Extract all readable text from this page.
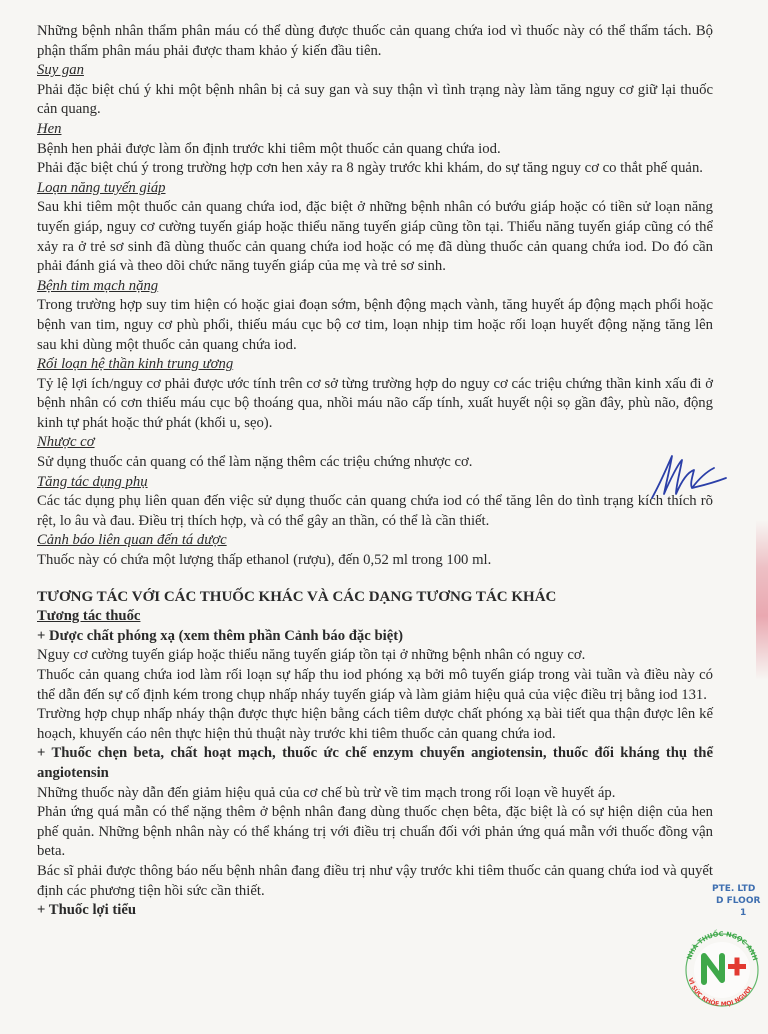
Những bệnh nhân thẩm phân máu có thể dùng được thuốc cản quang chứa iod vì thuốc này có thể thẩm tách. Bộ phận thẩm phân máu phải được tham khảo ý kiến đầu tiên.

Suy gan

Phải đặc biệt chú ý khi một bệnh nhân bị cả suy gan và suy thận vì tình trạng này làm tăng nguy cơ giữ lại thuốc cản quang.

Hen

Bệnh hen phải được làm ổn định trước khi tiêm một thuốc cản quang chứa iod.

Phải đặc biệt chú ý trong trường hợp cơn hen xảy ra 8 ngày trước khi khám, do sự tăng nguy cơ co thắt phế quản.

Loạn năng tuyến giáp

Sau khi tiêm một thuốc cản quang chứa iod, đặc biệt ở những bệnh nhân có bướu giáp hoặc có tiền sử loạn năng tuyến giáp, nguy cơ cường tuyến giáp hoặc thiểu năng tuyến giáp cũng tồn tại. Thiểu năng tuyến giáp cũng có thể xảy ra ở trẻ sơ sinh đã dùng thuốc cản quang chứa iod hoặc có mẹ đã dùng thuốc cản quang chứa iod. Do đó cần phải đánh giá và theo dõi chức năng tuyến giáp của mẹ và trẻ sơ sinh.

Bệnh tim mạch nặng

Trong trường hợp suy tim hiện có hoặc giai đoạn sớm, bệnh động mạch vành, tăng huyết áp động mạch phổi hoặc bệnh van tim, nguy cơ phù phổi, thiếu máu cục bộ cơ tim, loạn nhịp tim hoặc rối loạn huyết động nặng tăng lên sau khi dùng một thuốc cản quang chứa iod.

Rối loạn hệ thần kinh trung ương

Tỷ lệ lợi ích/nguy cơ phải được ước tính trên cơ sở từng trường hợp do nguy cơ các triệu chứng thần kinh xấu đi ở bệnh nhân có cơn thiếu máu cục bộ thoáng qua, nhồi máu não cấp tính, xuất huyết nội sọ gần đây, phù não, động kinh tự phát hoặc thứ phát (khối u, sẹo).

Nhược cơ

Sử dụng thuốc cản quang có thể làm nặng thêm các triệu chứng nhược cơ.

Tăng tác dụng phụ

Các tác dụng phụ liên quan đến việc sử dụng thuốc cản quang chứa iod có thể tăng lên do tình trạng kích thích rõ rệt, lo âu và đau. Điều trị thích hợp, và có thể gây an thần, có thể là cần thiết.

Cảnh báo liên quan đến tá dược

Thuốc này có chứa một lượng thấp ethanol (rượu), đến 0,52 ml trong 100 ml.

TƯƠNG TÁC VỚI CÁC THUỐC KHÁC VÀ CÁC DẠNG TƯƠNG TÁC KHÁC

Tương tác thuốc

+ Dược chất phóng xạ (xem thêm phần Cảnh báo đặc biệt)

Nguy cơ cường tuyến giáp hoặc thiểu năng tuyến giáp tồn tại ở những bệnh nhân có nguy cơ.

Thuốc cản quang chứa iod làm rối loạn sự hấp thu iod phóng xạ bởi mô tuyến giáp trong vài tuần và điều này có thể dẫn đến sự cố định kém trong chụp nhấp nháy tuyến giáp và làm giảm hiệu quả của việc điều trị bằng iod 131.

Trường hợp chụp nhấp nháy thận được thực hiện bằng cách tiêm dược chất phóng xạ bài tiết qua thận được lên kế hoạch, khuyến cáo nên thực hiện thủ thuật này trước khi tiêm thuốc cản quang chứa iod.

+ Thuốc chẹn beta, chất hoạt mạch, thuốc ức chế enzym chuyển angiotensin, thuốc đối kháng thụ thể angiotensin

Những thuốc này dẫn đến giảm hiệu quả của cơ chế bù trừ về tim mạch trong rối loạn về huyết áp.

Phản ứng quá mẫn có thể nặng thêm ở bệnh nhân đang dùng thuốc chẹn bêta, đặc biệt là có sự hiện diện của hen phế quản. Những bệnh nhân này có thể kháng trị với điều trị chuẩn đối với phản ứng quá mẫn với thuốc đồng vận beta.

Bác sĩ phải được thông báo nếu bệnh nhân đang điều trị như vậy trước khi tiêm thuốc cản quang chứa iod và quyết định các phương tiện hồi sức cần thiết.

+ Thuốc lợi tiểu

PTE. LTD
D FLOOR
1
NHÀ THUỐC NGỌC ANH
VÌ SỨC KHỎE MỌI NGƯỜI
